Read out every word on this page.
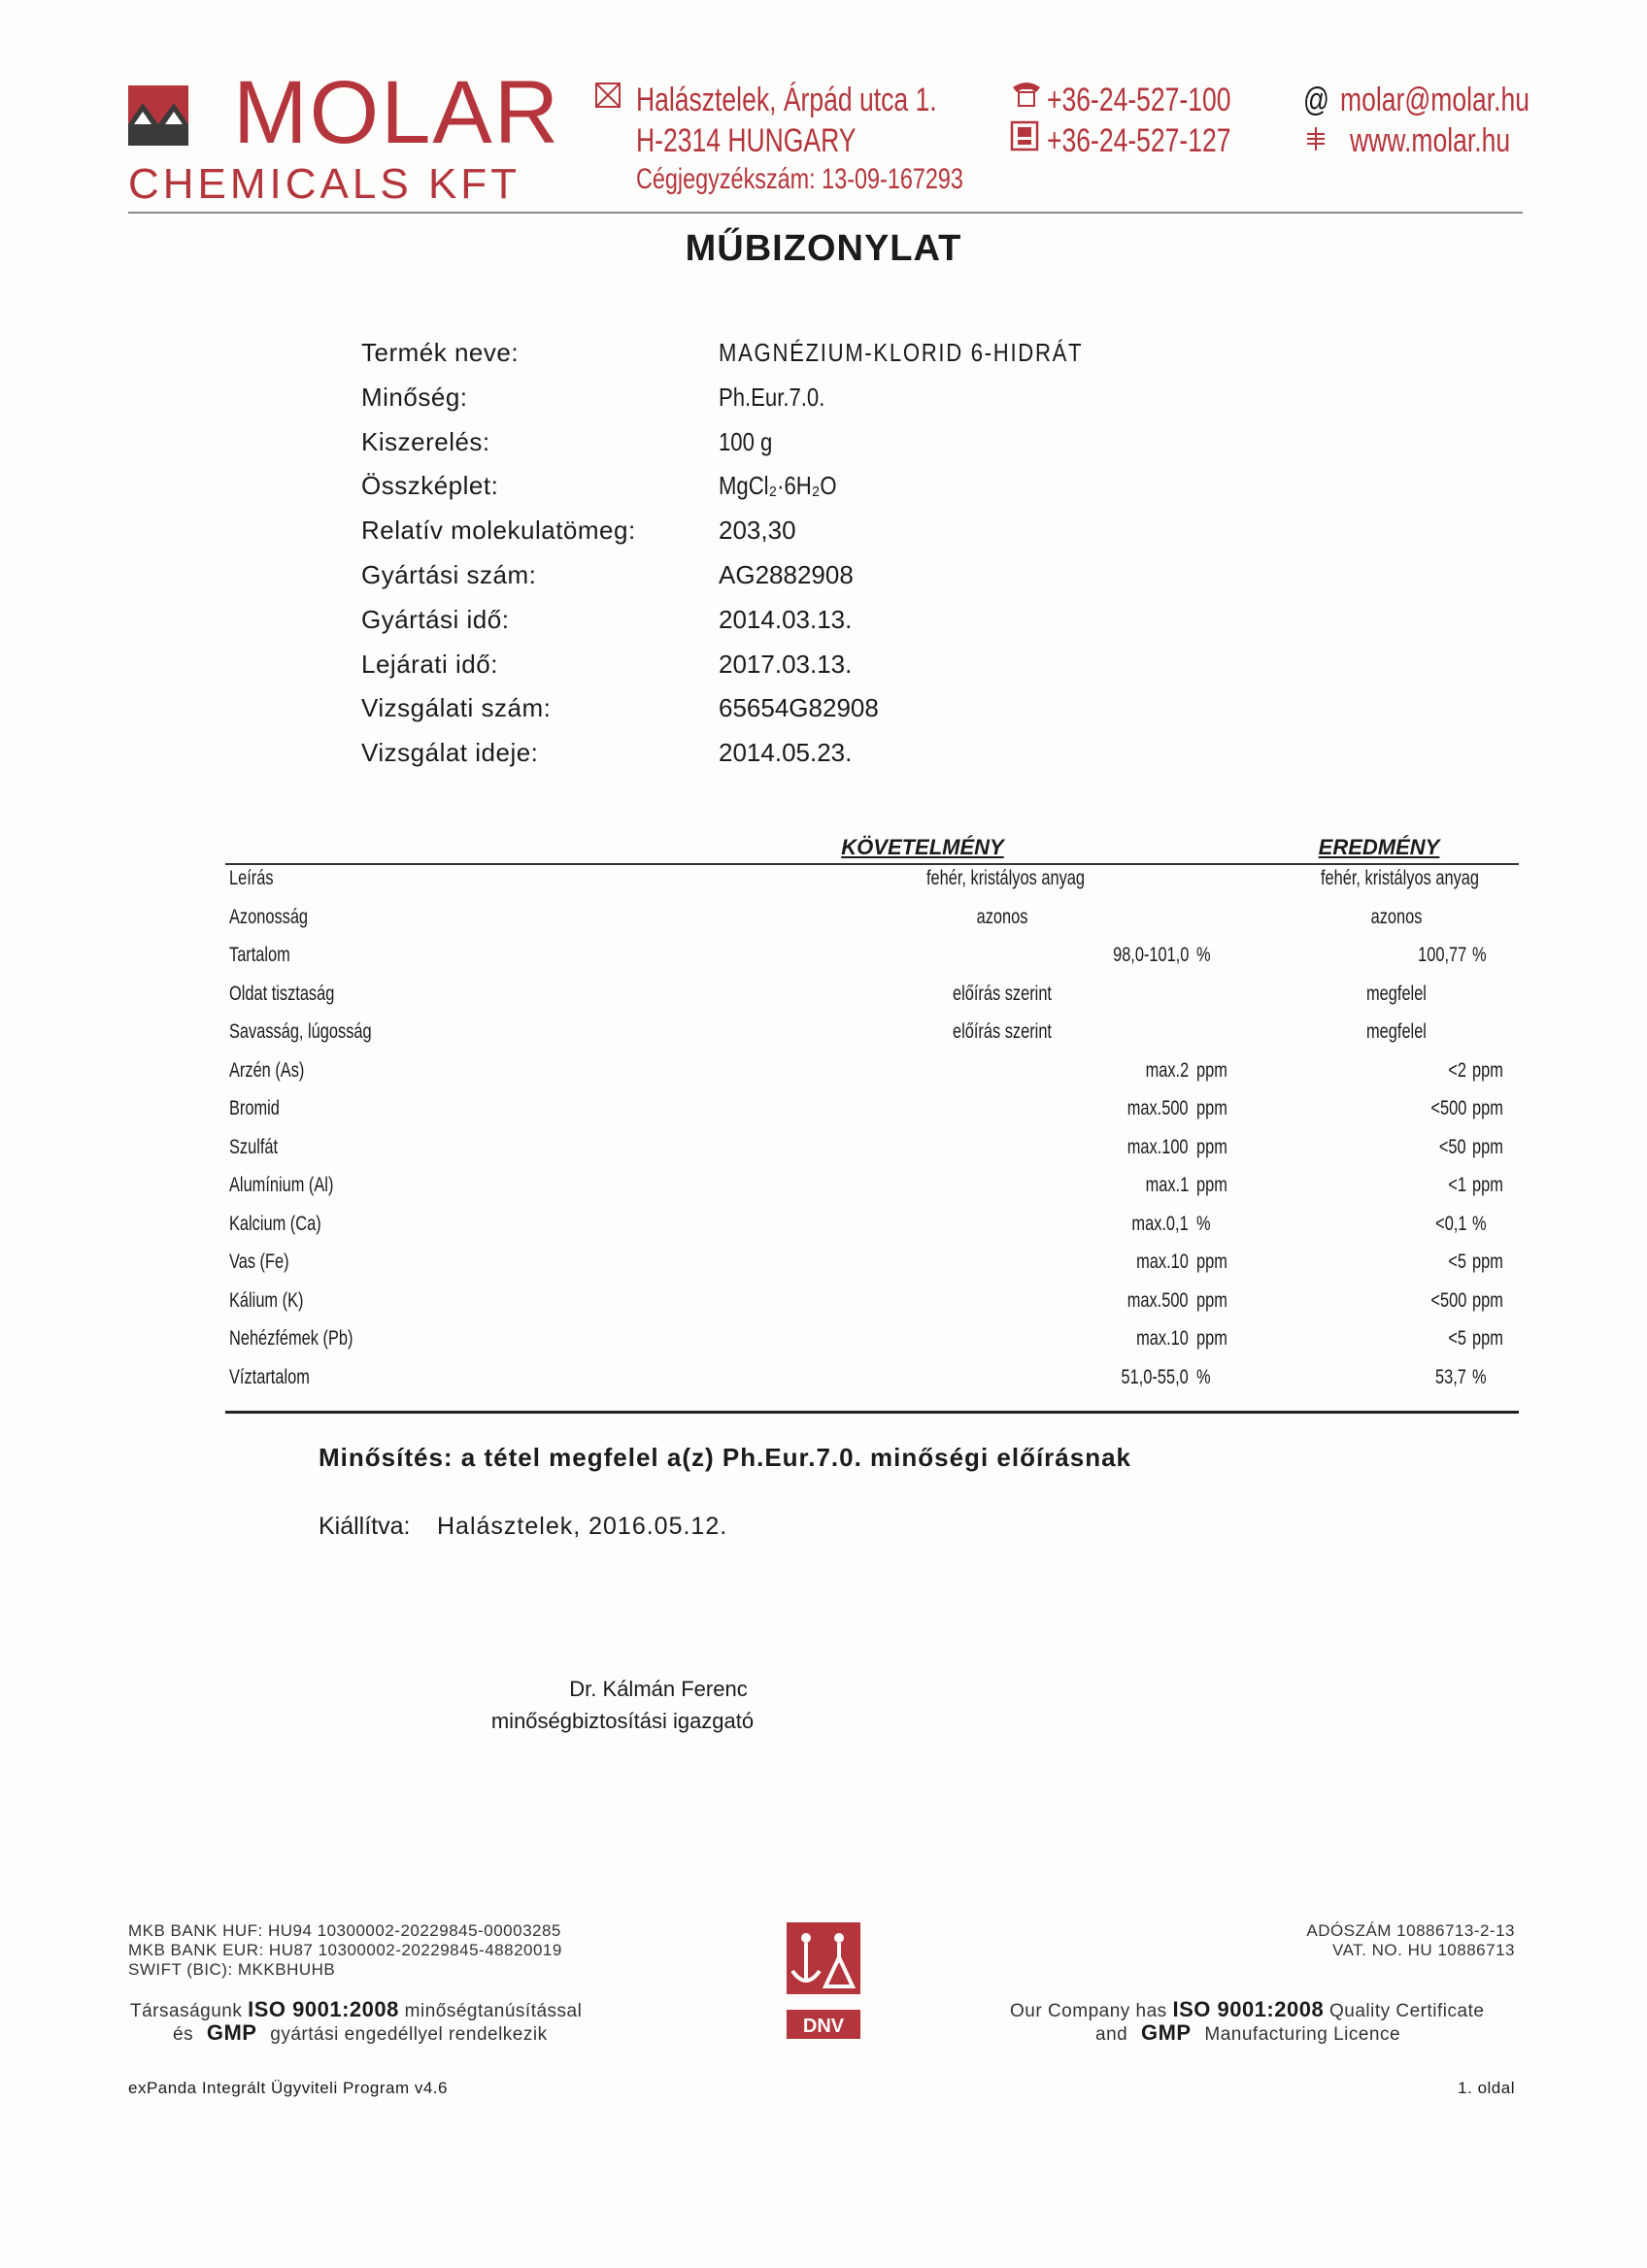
MOLAR
CHEMICALS KFT
Halásztelek, Árpád utca 1.
H-2314 HUNGARY
Cégjegyzékszám: 13-09-167293
+36-24-527-100
+36-24-527-127
@ molar@molar.hu
www.molar.hu
MŰBIZONYLAT
Termék neve:	MAGNÉZIUM-KLORID 6-HIDRÁT
Minőség:	Ph.Eur.7.0.
Kiszerelés:	100 g
Összképlet:	MgCl₂·6H₂O
Relatív molekulatömeg:	203,30
Gyártási szám:	AG2882908
Gyártási idő:	2014.03.13.
Lejárati idő:	2017.03.13.
Vizsgálati szám:	65654G82908
Vizsgálat ideje:	2014.05.23.
KÖVETELMÉNY	EREDMÉNY
Leírás	fehér, kristályos anyag	fehér, kristályos anyag
Azonosság	azonos	azonos
Tartalom	98,0-101,0 %	100,77 %
Oldat tisztaság	előírás szerint	megfelel
Savasság, lúgosság	előírás szerint	megfelel
Arzén (As)	max.2 ppm	<2 ppm
Bromid	max.500 ppm	<500 ppm
Szulfát	max.100 ppm	<50 ppm
Alumínium (Al)	max.1 ppm	<1 ppm
Kalcium (Ca)	max.0,1 %	<0,1 %
Vas (Fe)	max.10 ppm	<5 ppm
Kálium (K)	max.500 ppm	<500 ppm
Nehézfémek (Pb)	max.10 ppm	<5 ppm
Víztartalom	51,0-55,0 %	53,7 %
Minősítés: a tétel megfelel a(z) Ph.Eur.7.0. minőségi előírásnak
Kiállítva: Halásztelek, 2016.05.12.
Dr. Kálmán Ferenc
minőségbiztosítási igazgató
MKB BANK HUF: HU94 10300002-20229845-00003285
MKB BANK EUR: HU87 10300002-20229845-48820019
SWIFT (BIC): MKKBHUHB
Társaságunk ISO 9001:2008 minőségtanúsítással
és GMP gyártási engedéllyel rendelkezik	DNV
ADÓSZÁM 10886713-2-13
VAT. NO. HU 10886713
Our Company has ISO 9001:2008 Quality Certificate
and GMP Manufacturing Licence
exPanda Integrált Ügyviteli Program v4.6	1. oldal
